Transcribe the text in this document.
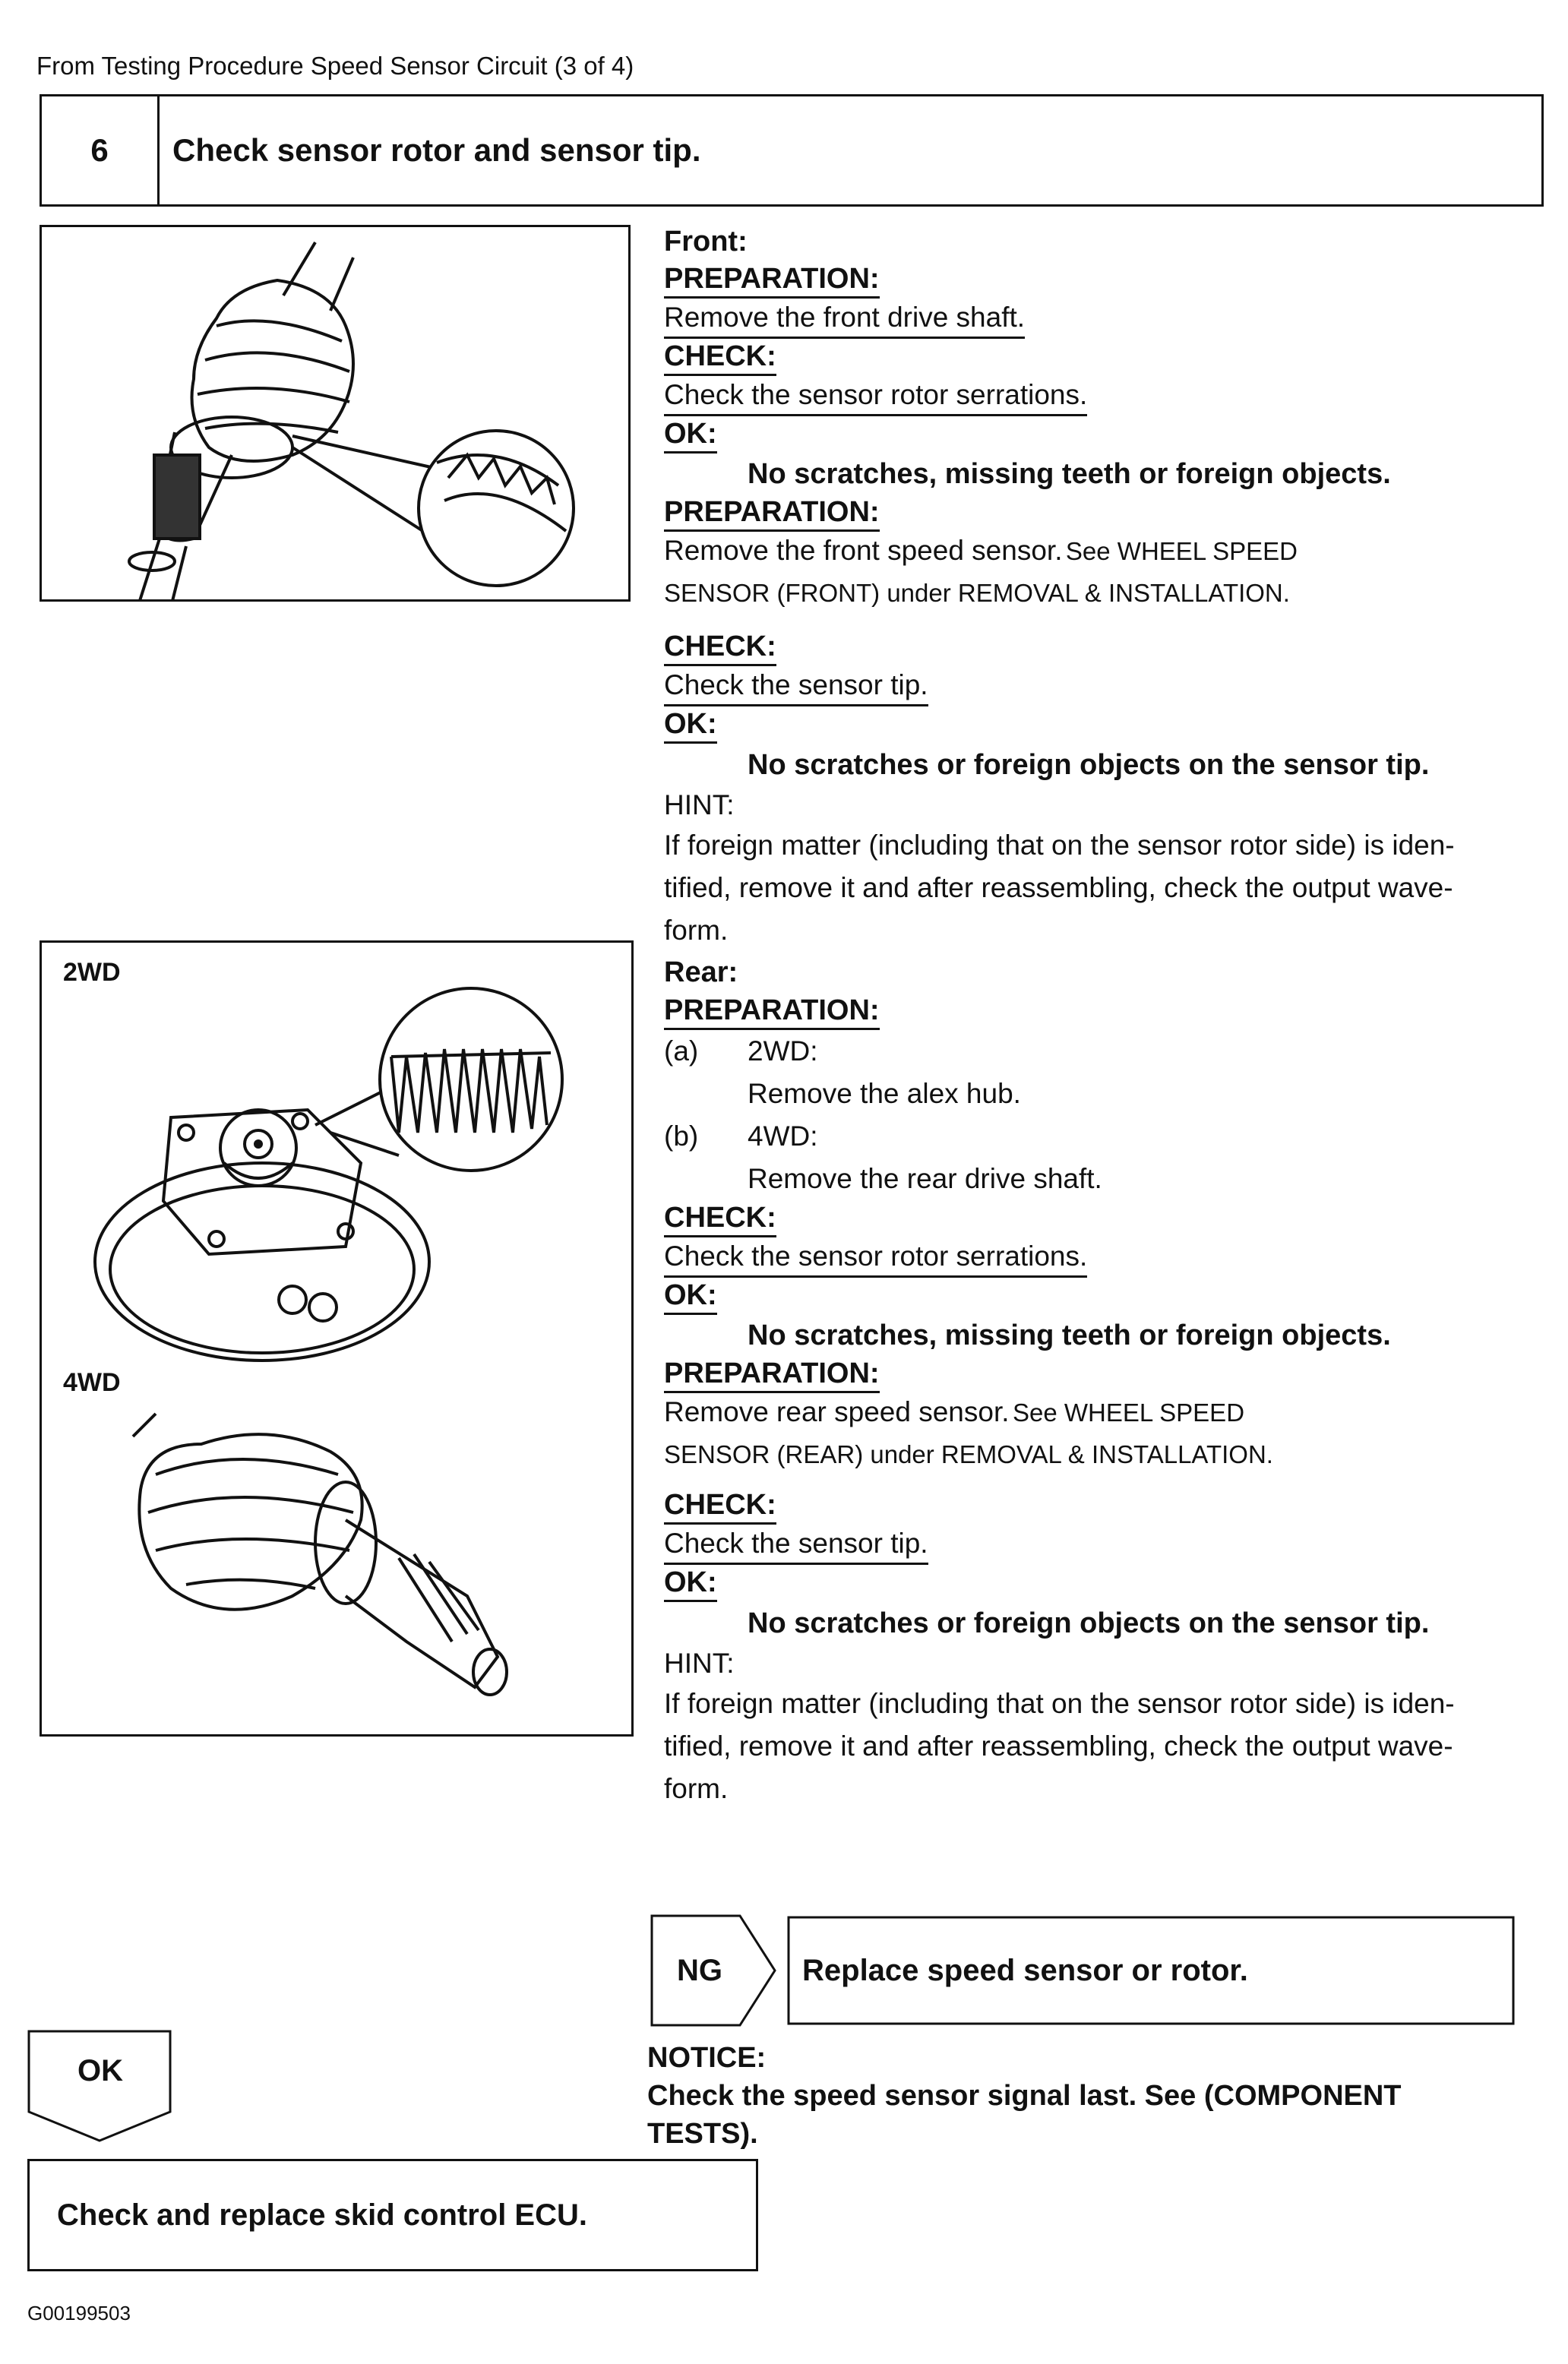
From Testing Procedure Speed Sensor Circuit (3 of 4)
6	Check sensor rotor and sensor tip.
2WD
4WD
Front:
PREPARATION:
Remove the front drive shaft.
CHECK:
Check the sensor rotor serrations.
OK:
No scratches, missing teeth or foreign objects.
PREPARATION:
Remove the front speed sensor. See WHEEL SPEED
SENSOR (FRONT) under REMOVAL & INSTALLATION.
CHECK:
Check the sensor tip.
OK:
No scratches or foreign objects on the sensor tip.
HINT:
If foreign matter (including that on the sensor rotor side) is iden-
tified, remove it and after reassembling, check the output wave-
form.
Rear:
PREPARATION:
(a) 2WD:
Remove the alex hub.
(b) 4WD:
Remove the rear drive shaft.
CHECK:
Check the sensor rotor serrations.
OK:
No scratches, missing teeth or foreign objects.
PREPARATION:
Remove rear speed sensor. See WHEEL SPEED
SENSOR (REAR) under REMOVAL & INSTALLATION.
CHECK:
Check the sensor tip.
OK:
No scratches or foreign objects on the sensor tip.
HINT:
If foreign matter (including that on the sensor rotor side) is iden-
tified, remove it and after reassembling, check the output wave-
form.
NG	Replace speed sensor or rotor.
NOTICE:
Check the speed sensor signal last. See (COMPONENT
TESTS).
OK
Check and replace skid control ECU.
G00199503
